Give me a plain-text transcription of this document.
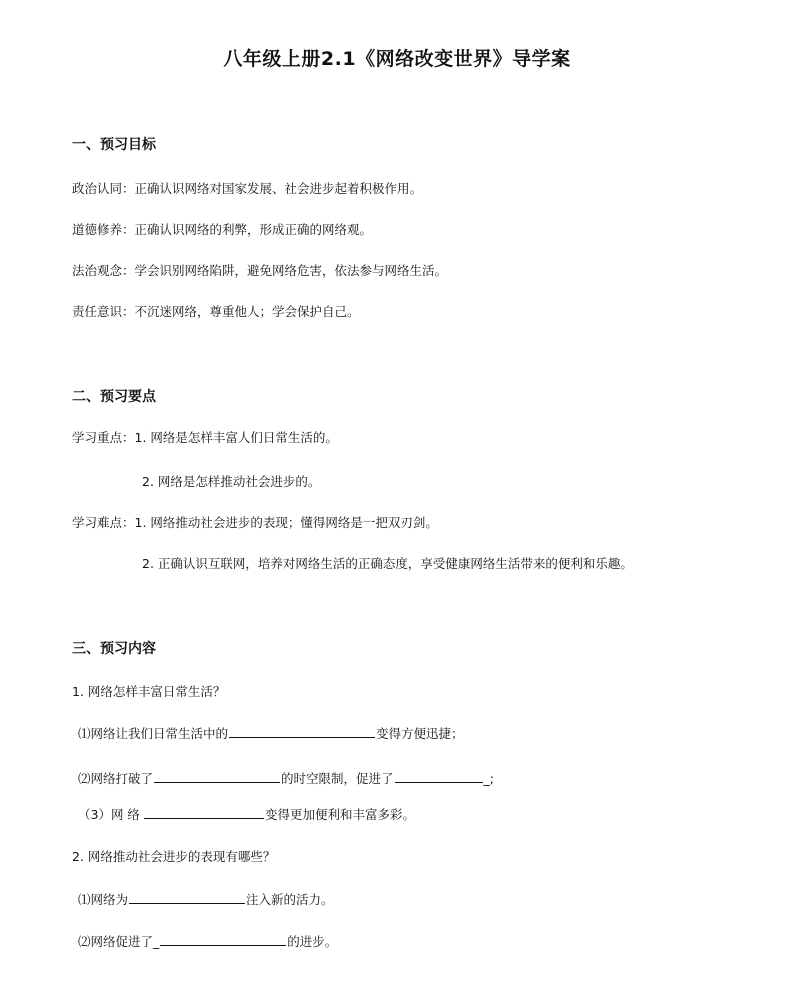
八年级上册2.1《网络改变世界》导学案
一、预习目标
政治认同：正确认识网络对国家发展、社会进步起着积极作用。
道德修养：正确认识网络的利弊，形成正确的网络观。
法治观念：学会识别网络陷阱，避免网络危害，依法参与网络生活。
责任意识：不沉迷网络，尊重他人；学会保护自己。
二、预习要点
学习重点：1. 网络是怎样丰富人们日常生活的。
2. 网络是怎样推动社会进步的。
学习难点：1. 网络推动社会进步的表现；懂得网络是一把双刃剑。
2. 正确认识互联网，培养对网络生活的正确态度，享受健康网络生活带来的便利和乐趣。
三、预习内容
1. 网络怎样丰富日常生活？
⑴网络让我们日常生活中的	变得方便迅捷；
⑵网络打破了	的时空限制，促进了	_;
（3）网 络	变得更加便利和丰富多彩。
2. 网络推动社会进步的表现有哪些？
⑴网络为	注入新的活力。
⑵网络促进了_	的进步。
